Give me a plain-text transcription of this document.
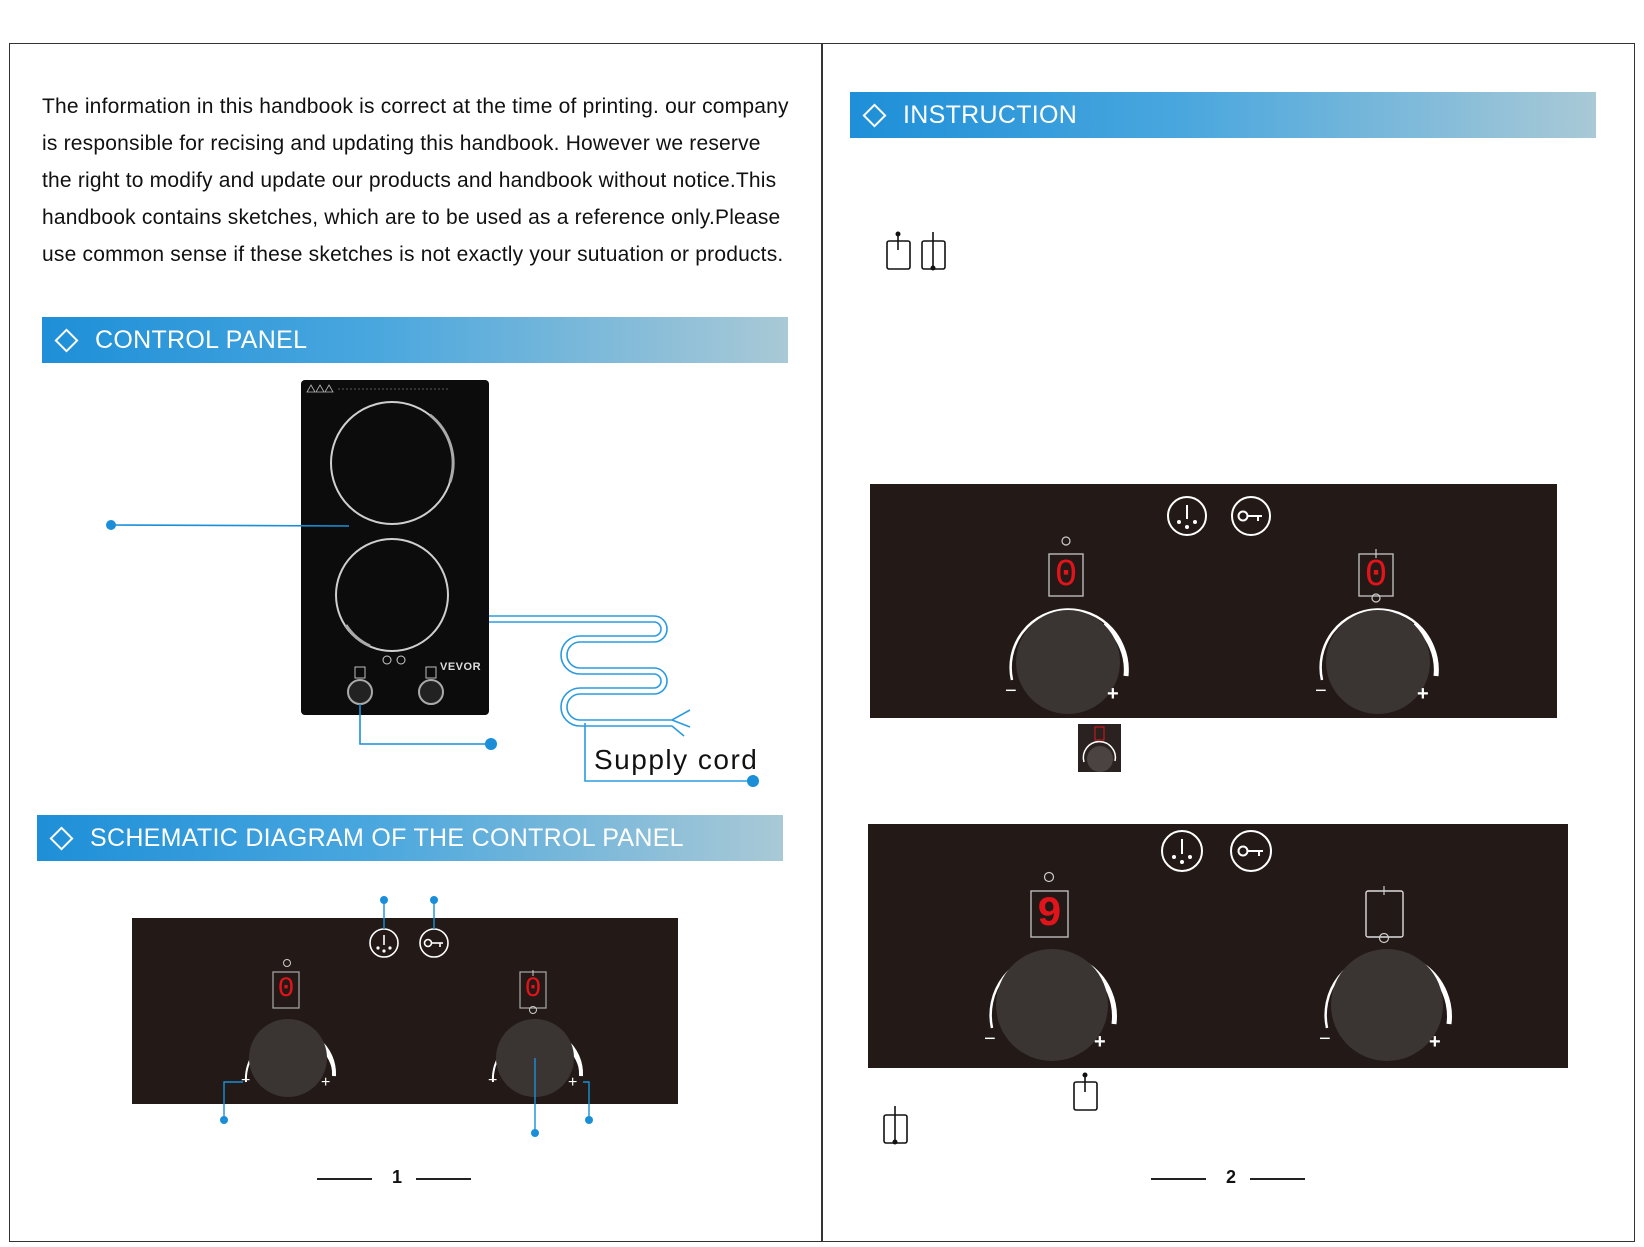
The information in this handbook is correct at the time of printing. our company is responsible for recising and updating this handbook. However we reserve the right to modify and update our products and handbook without notice.This handbook contains sketches, which are to be used as a reference only.Please use common sense if these sketches is not exactly your sutuation or products.

CONTROL PANEL
VEVOR
Supply cord
SCHEMATIC DIAGRAM OF THE CONTROL PANEL
−	+	−	+
0	0
1
INSTRUCTION
−	+	−	+
−	+	−	+
0	0
9
2
